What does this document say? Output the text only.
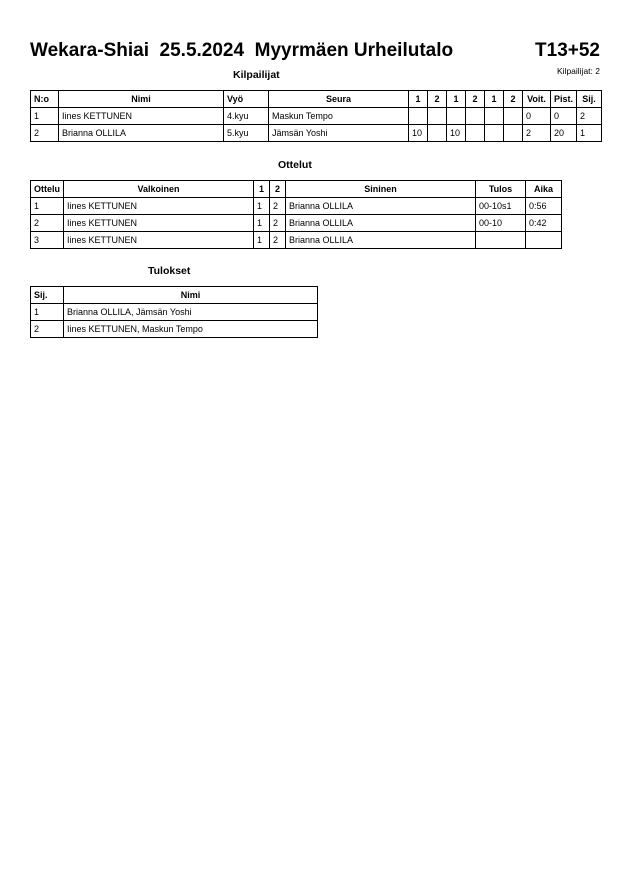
Wekara-Shiai  25.5.2024  Myyrmäen Urheilutalo	T13+52
Kilpailijat: 2
Kilpailijat
Ottelut
Tulokset
N:o	Nimi	Vyö	Seura	1	2	1	2	1	2	Voit.	Pist.	Sij.
1	Iines KETTUNEN	4.kyu	Maskun Tempo							0	0	2
2	Brianna OLLILA	5.kyu	Jämsän Yoshi	10		10				2	20	1
Ottelu	Valkoinen	1	2	Sininen	Tulos	Aika
1	Iines KETTUNEN	1	2	Brianna OLLILA	00-10s1	0:56
2	Iines KETTUNEN	1	2	Brianna OLLILA	00-10	0:42
3	Iines KETTUNEN	1	2	Brianna OLLILA		
Sij.	Nimi
1	Brianna OLLILA, Jämsän Yoshi
2	Iines KETTUNEN, Maskun Tempo
